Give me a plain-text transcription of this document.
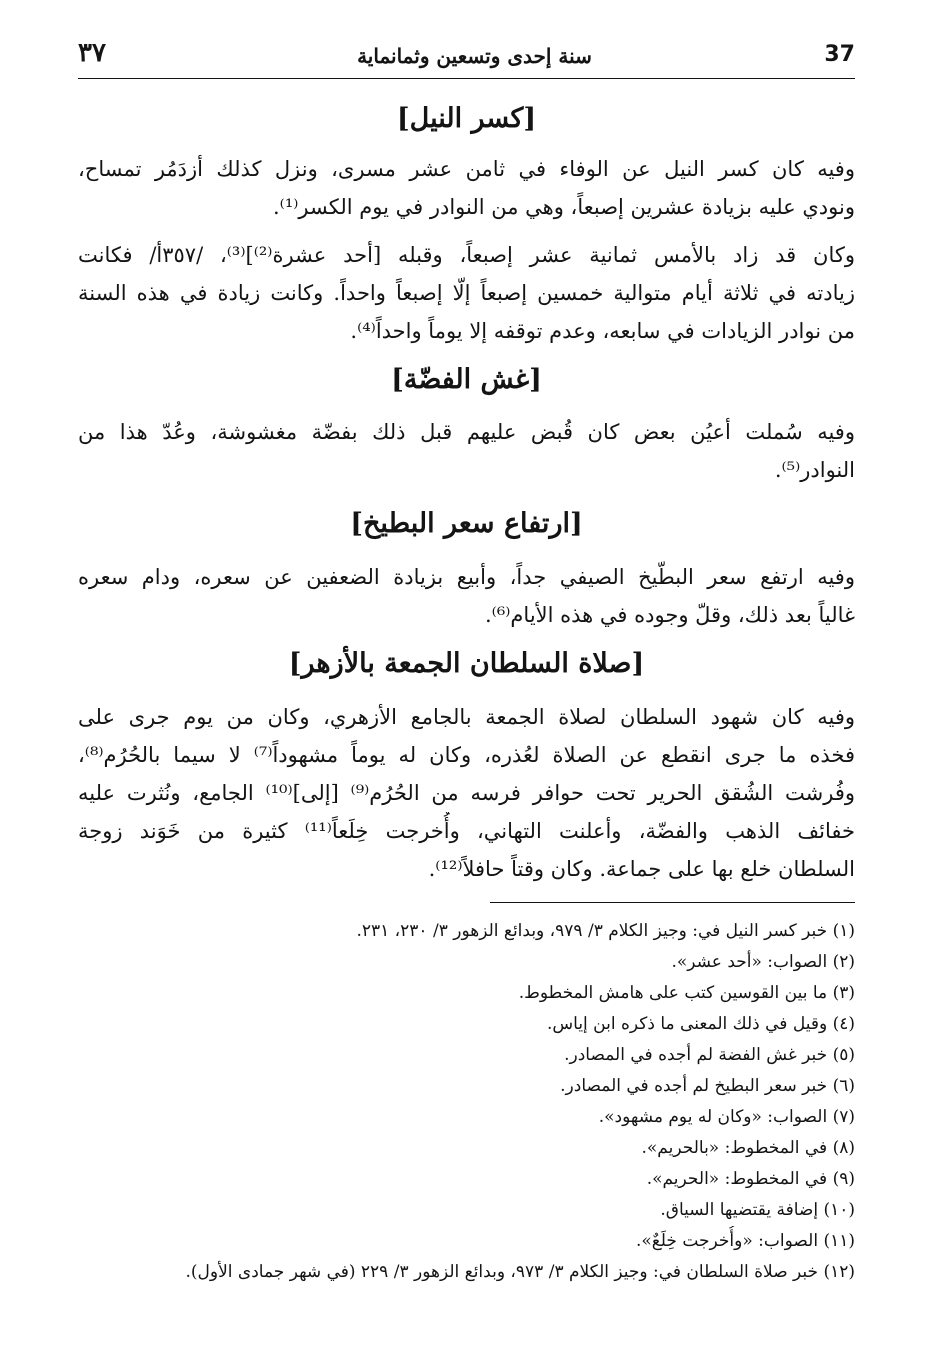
37
سنة إحدى وتسعين وثمانماية
٣٧
[كسر النيل]
وفيه كان كسر النيل عن الوفاء في ثامن عشر مسرى، ونزل كذلك أزدَمُر تمساح،
ونودي عليه بزيادة عشرين إصبعاً، وهي من النوادر في يوم الكسر⁽¹⁾.
وكان قد زاد بالأمس ثمانية عشر إصبعاً، وقبله [أحد عشرة⁽²⁾]⁽³⁾، /٣٥٧أ/ فكانت
زيادته في ثلاثة أيام متوالية خمسين إصبعاً إلّا إصبعاً واحداً. وكانت زيادة في هذه السنة
من نوادر الزيادات في سابعه، وعدم توقفه إلا يوماً واحداً⁽⁴⁾.
[غش الفضّة]
وفيه سُملت أعيُن بعض كان قُبض عليهم قبل ذلك بفضّة مغشوشة، وعُدّ هذا من
النوادر⁽⁵⁾.
[ارتفاع سعر البطيخ]
وفيه ارتفع سعر البطّيخ الصيفي جداً، وأبيع بزيادة الضعفين عن سعره، ودام سعره
غالياً بعد ذلك، وقلّ وجوده في هذه الأيام⁽⁶⁾.
[صلاة السلطان الجمعة بالأزهر]
وفيه كان شهود السلطان لصلاة الجمعة بالجامع الأزهري، وكان من يوم جرى على
فخذه ما جرى انقطع عن الصلاة لعُذره، وكان له يوماً مشهوداً⁽⁷⁾ لا سيما بالحُرُم⁽⁸⁾،
وفُرشت الشُقق الحرير تحت حوافر فرسه من الحُرُم⁽⁹⁾ [إلى]⁽¹⁰⁾ الجامع، ونُثرت عليه
خفائف الذهب والفضّة، وأعلنت التهاني، وأُخرجت خِلَعاً⁽¹¹⁾ كثيرة من خَوَند زوجة
السلطان خلع بها على جماعة. وكان وقتاً حافلاً⁽¹²⁾.
(١) خبر كسر النيل في: وجيز الكلام ٣/ ٩٧٩، وبدائع الزهور ٣/ ٢٣٠، ٢٣١.
(٢) الصواب: «أحد عشر».
(٣) ما بين القوسين كتب على هامش المخطوط.
(٤) وقيل في ذلك المعنى ما ذكره ابن إياس.
(٥) خبر غش الفضة لم أجده في المصادر.
(٦) خبر سعر البطيخ لم أجده في المصادر.
(٧) الصواب: «وكان له يوم مشهود».
(٨) في المخطوط: «بالحريم».
(٩) في المخطوط: «الحريم».
(١٠) إضافة يقتضيها السياق.
(١١) الصواب: «وأُخرجت خِلَعٌ».
(١٢) خبر صلاة السلطان في: وجيز الكلام ٣/ ٩٧٣، وبدائع الزهور ٣/ ٢٢٩ (في شهر جمادى الأول).
